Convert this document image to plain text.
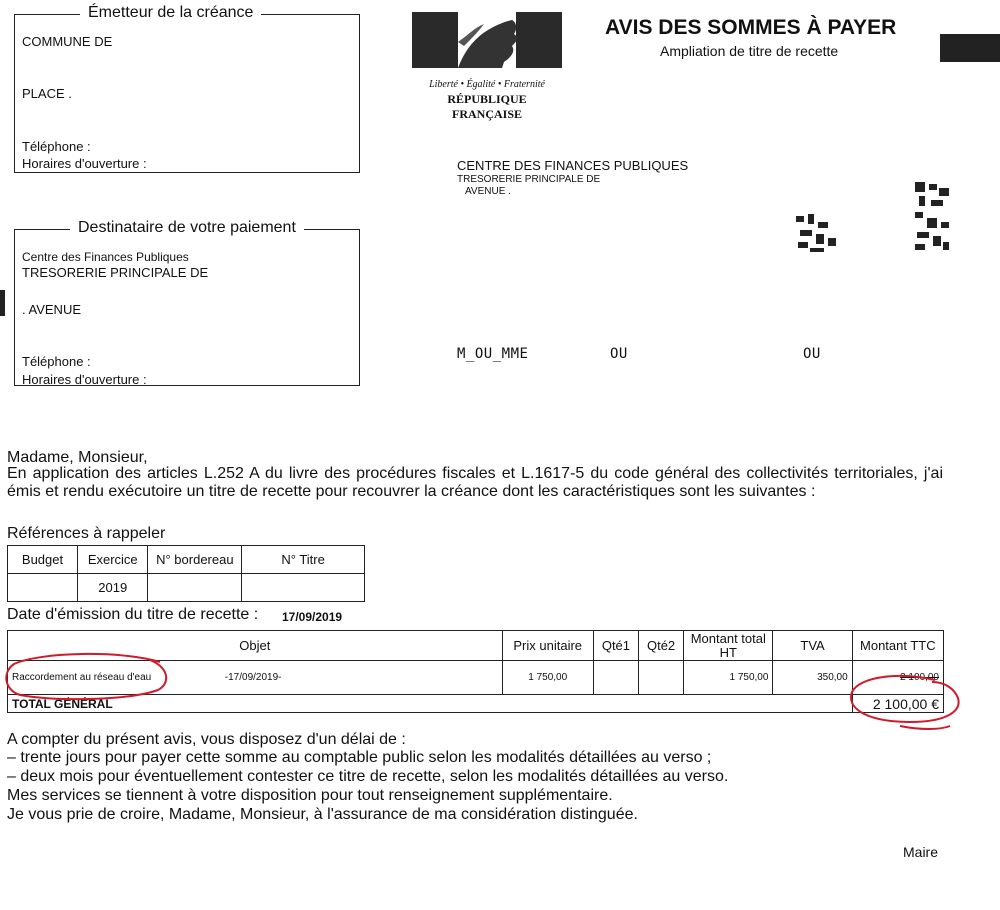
Émetteur de la créance
COMMUNE DE
PLACE .
Téléphone :
Horaires d'ouverture :
Destinataire de votre paiement
Centre des Finances Publiques
TRESORERIE PRINCIPALE DE
. AVENUE
Téléphone :
Horaires d'ouverture :
Liberté • Égalité • Fraternité
RÉPUBLIQUE FRANÇAISE
AVIS DES SOMMES À PAYER
Ampliation de titre de recette
CENTRE DES FINANCES PUBLIQUES
TRESORERIE PRINCIPALE DE
AVENUE .
M_OU_MME	OU	OU
Madame, Monsieur,
En application des articles L.252 A du livre des procédures fiscales et L.1617-5 du code général des collectivités territoriales, j'ai émis et rendu exécutoire un titre de recette pour recouvrer la créance dont les caractéristiques sont les suivantes :
Références à rappeler
Budget	Exercice	N° bordereau	N° Titre
	2019		
Date d'émission du titre de recette : 17/09/2019
Objet	Prix unitaire	Qté1	Qté2	Montant total HT	TVA	Montant TTC
Raccordement au réseau d'eau -17/09/2019-	1 750,00			1 750,00	350,00	2 100,00
TOTAL GÉNÉRAL						2 100,00 €
A compter du présent avis, vous disposez d'un délai de :
– trente jours pour payer cette somme au comptable public selon les modalités détaillées au verso ;
– deux mois pour éventuellement contester ce titre de recette, selon les modalités détaillées au verso.
Mes services se tiennent à votre disposition pour tout renseignement supplémentaire.
Je vous prie de croire, Madame, Monsieur, à l'assurance de ma considération distinguée.
Maire
